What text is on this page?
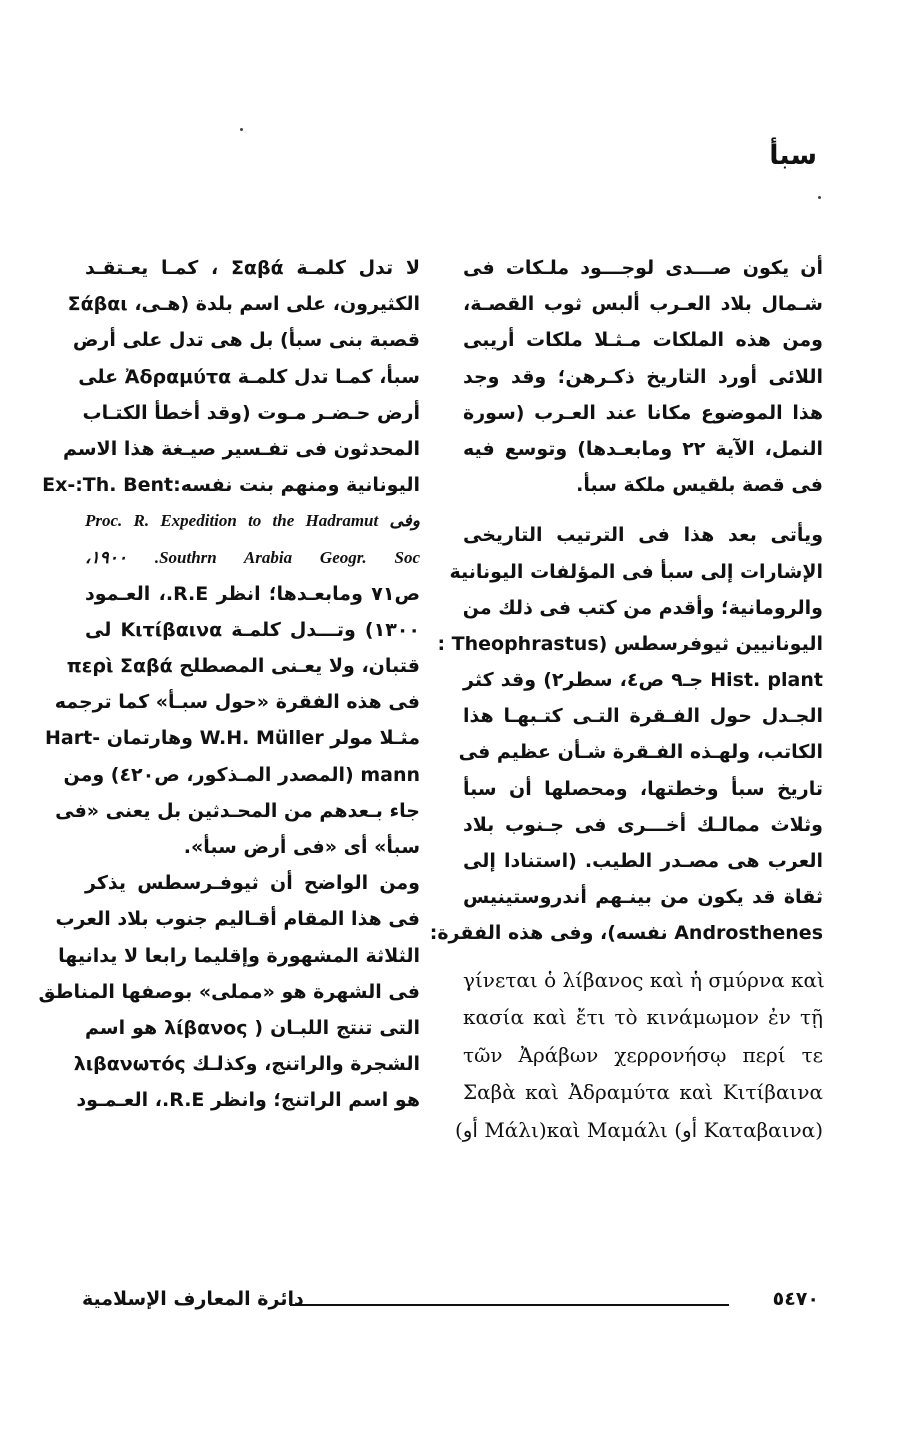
سبأ
أن يكون صـــدى لوجـــود ملـكات فى
شـمال بلاد العـرب ألبس ثوب القصـة،
ومن هذه الملكات مـثـلا ملكات أريبى
اللائى أورد التاريخ ذكـرهن؛ وقد وجد
هذا الموضوع مكانا عند العـرب (سورة
النمل، الآية ٢٢ ومابعـدها) وتوسع فيه
فى قصة بلقيس ملكة سبأ.
ويأتى بعد هذا فى الترتيب التاريخى
الإشارات إلى سبأ فى المؤلفات اليونانية
والرومانية؛ وأقدم من كتب فى ذلك من
اليونانيين ثيوفرسطس (Theophrastus :
Hist. plant جـ٩ ص٤، سطر٢) وقد كثر
الجـدل حول الفـقرة التـى كتـبهـا هذا
الكاتب، ولهـذه الفـقرة شـأن عظيم فى
تاريخ سبأ وخطتها، ومحصلها أن سبأ
وثلاث ممالـك أخـــرى فى جـنوب بلاد
العرب هى مصـدر الطيب. (استنادا إلى
ثقاة قد يكون من بينـهم أندروستينيس
Androsthenes نفسه)، وفى هذه الفقرة:
γίνεται ὁ λίβανος καὶ ἡ σμύρνα καὶ
κασία καὶ ἔτι τὸ κινάμωμον ἐν τῇ
τῶν Ἀράβων χερρονήσῳ περί τε
Σαβὰ καὶ Ἀδραμύτα καὶ Κιτίβαινα
(Καταβαινα أو) καὶ Μαμάλι(Μάλι أو)
لا تدل كلمـة Σαβά ، كمـا يعـتقـد
الكثيرون، على اسم بلدة (هـى، Σάβαι
قصبة بنى سبأ) بل هى تدل على أرض
سبأ، كمـا تدل كلمـة Ἀδραμύτα على
أرض حـضـر مـوت (وقد أخطأ الكتـاب
المحدثون فى تفـسير صيـغة هذا الاسم
اليونانية ومنهم بنت نفسه:Ex-:Th. Bent
وفى Proc. R. Expedition to the Hadramut
Southrn Arabia Geogr. Soc. ١٩٠٠،
ص٧١ ومابعـدها؛ انظر R.E.، العـمود
١٣٠٠) وتـــدل كلمـة Κιτίβαινα لى
قتبان، ولا يعـنى المصطلح περὶ Σαβά
فى هذه الفقرة «حول سبـأ» كما ترجمه
مثـلا مولر W.H. Müller وهارتمان -Hart
mann (المصدر المـذكور، ص٤٢٠) ومن
جاء بـعدهم من المحـدثين بل يعنى «فى
سبأ» أى «فى أرض سبأ».
ومن الواضح أن ثيوفـرسطس يذكر
فى هذا المقام أقـاليم جنوب بلاد العرب
الثلاثة المشهورة وإقليما رابعا لا يدانيها
فى الشهرة هو «مملى» بوصفها المناطق
التى تنتج اللبـان ( λίβανος هو اسم
الشجرة والراتنج، وكذلـك λιβανωτός
هو اسم الراتنج؛ وانظر R.E.، العـمـود
٥٤٧٠
دائرة المعارف الإسلامية
